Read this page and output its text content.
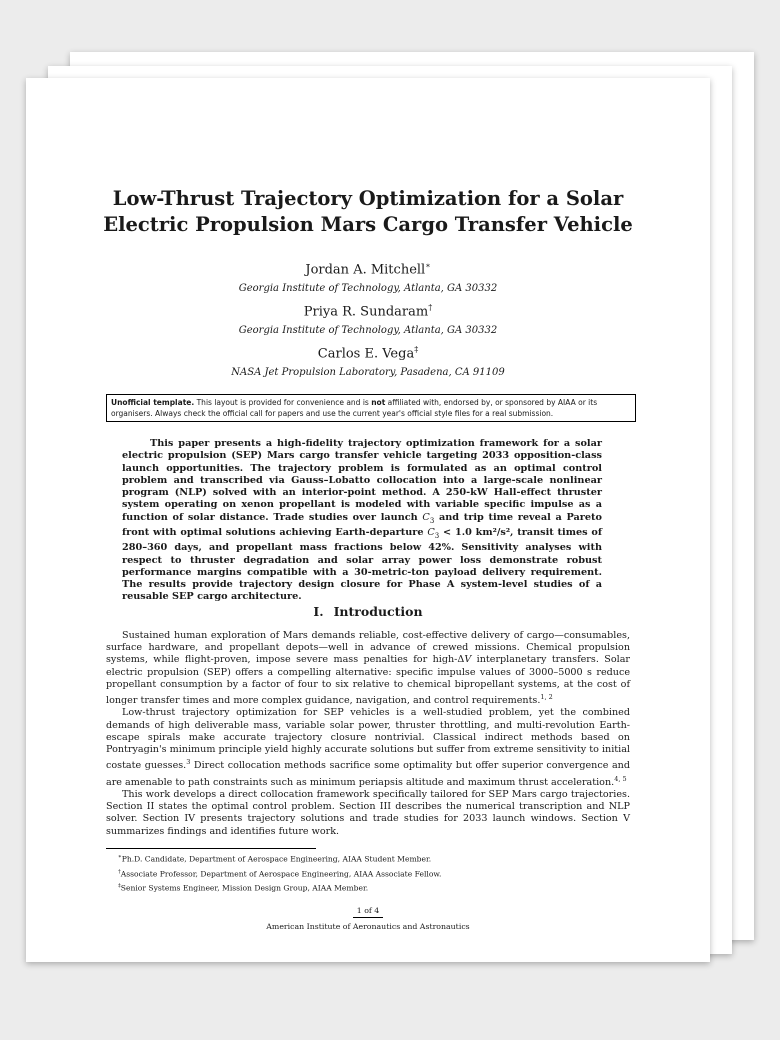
Low-Thrust Trajectory Optimization for a Solar
Electric Propulsion Mars Cargo Transfer Vehicle
Jordan A. Mitchell∗
Georgia Institute of Technology, Atlanta, GA 30332
Priya R. Sundaram†
Georgia Institute of Technology, Atlanta, GA 30332
Carlos E. Vega‡
NASA Jet Propulsion Laboratory, Pasadena, CA 91109
Unofficial template. This layout is provided for convenience and is not affiliated with, endorsed by, or sponsored by AIAA or its organisers. Always check the official call for papers and use the current year's official style files for a real submission.
This paper presents a high-fidelity trajectory optimization framework for a solar electric propulsion (SEP) Mars cargo transfer vehicle targeting 2033 opposition-class launch opportunities. The trajectory problem is formulated as an optimal control problem and transcribed via Gauss–Lobatto collocation into a large-scale nonlinear program (NLP) solved with an interior-point method. A 250-kW Hall-effect thruster system operating on xenon propellant is modeled with variable specific impulse as a function of solar distance. Trade studies over launch $C_3$ and trip time reveal a Pareto front with optimal solutions achieving Earth-departure $C_3 < 1.0$ km²/s², transit times of 280–360 days, and propellant mass fractions below 42%. Sensitivity analyses with respect to thruster degradation and solar array power loss demonstrate robust performance margins compatible with a 30-metric-ton payload delivery requirement. The results provide trajectory design closure for Phase A system-level studies of a reusable SEP cargo architecture.
I. Introduction

Sustained human exploration of Mars demands reliable, cost-effective delivery of cargo—consumables, surface hardware, and propellant depots—well in advance of crewed missions. Chemical propulsion systems, while flight-proven, impose severe mass penalties for high-ΔV interplanetary transfers. Solar electric propulsion (SEP) offers a compelling alternative: specific impulse values of 3000–5000 s reduce propellant consumption by a factor of four to six relative to chemical bipropellant systems, at the cost of longer transfer times and more complex guidance, navigation, and control requirements.$^{1, 2}$

Low-thrust trajectory optimization for SEP vehicles is a well-studied problem, yet the combined demands of high deliverable mass, variable solar power, thruster throttling, and multi-revolution Earth-escape spirals make accurate trajectory closure nontrivial. Classical indirect methods based on Pontryagin's minimum principle yield highly accurate solutions but suffer from extreme sensitivity to initial costate guesses.$^3$ Direct collocation methods sacrifice some optimality but offer superior convergence and are amenable to path constraints such as minimum periapsis altitude and maximum thrust acceleration.$^{4, 5}$

This work develops a direct collocation framework specifically tailored for SEP Mars cargo trajectories. Section II states the optimal control problem. Section III describes the numerical transcription and NLP solver. Section IV presents trajectory solutions and trade studies for 2033 launch windows. Section V summarizes findings and identifies future work.

∗Ph.D. Candidate, Department of Aerospace Engineering, AIAA Student Member.
†Associate Professor, Department of Aerospace Engineering, AIAA Associate Fellow.
‡Senior Systems Engineer, Mission Design Group, AIAA Member.
1 of 4
American Institute of Aeronautics and Astronautics
